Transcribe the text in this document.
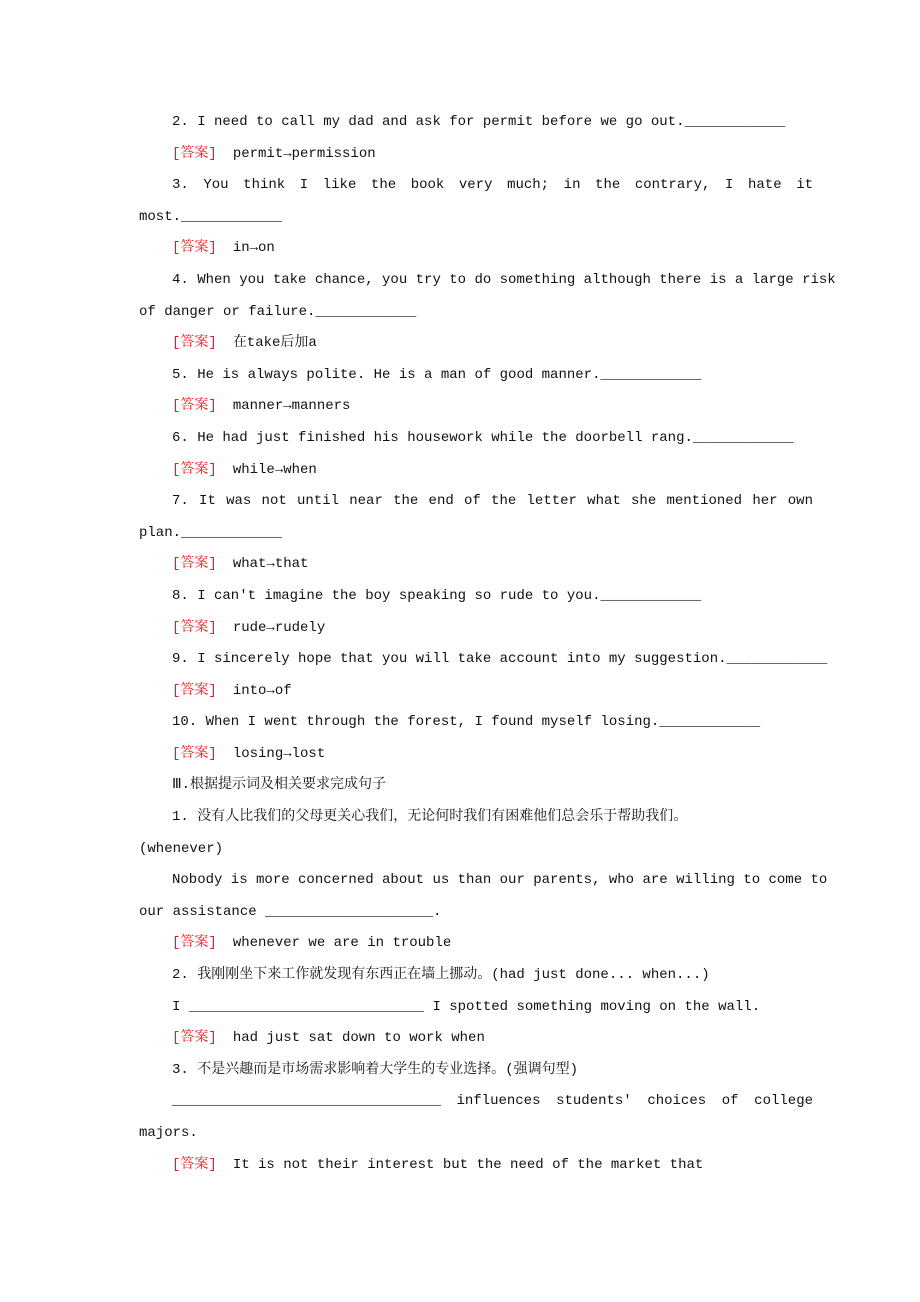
2. I need to call my dad and ask for permit before we go out.____________
[答案] permit→permission
3. You think I like the book very much; in the contrary, I hate it
most.____________
[答案] in→on
4. When you take chance, you try to do something although there is a large risk
of danger or failure.____________
[答案] 在take后加a
5. He is always polite. He is a man of good manner.____________
[答案] manner→manners
6. He had just finished his housework while the doorbell rang.____________
[答案] while→when
7. It was not until near the end of the letter what she mentioned her own
plan.____________
[答案] what→that
8. I can't imagine the boy speaking so rude to you.____________
[答案] rude→rudely
9. I sincerely hope that you will take account into my suggestion.____________
[答案] into→of
10. When I went through the forest, I found myself losing.____________
[答案] losing→lost
Ⅲ.根据提示词及相关要求完成句子
1. 没有人比我们的父母更关心我们，无论何时我们有困难他们总会乐于帮助我们。
(whenever)
Nobody is more concerned about us than our parents, who are willing to come to
our assistance ____________________.
[答案] whenever we are in trouble
2. 我刚刚坐下来工作就发现有东西正在墙上挪动。(had just done... when...)
I ____________________________ I spotted something moving on the wall.
[答案] had just sat down to work when
3. 不是兴趣而是市场需求影响着大学生的专业选择。(强调句型)
________________________________ influences students' choices of college
majors.
[答案] It is not their interest but the need of the market that
